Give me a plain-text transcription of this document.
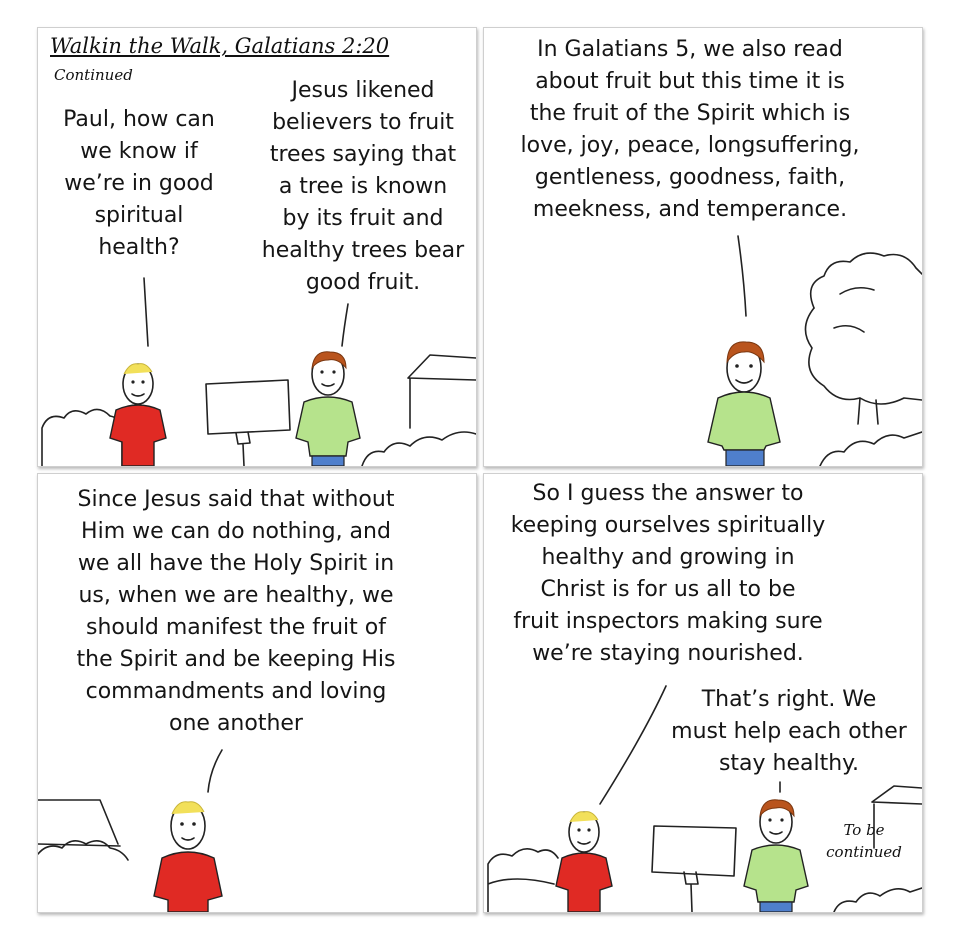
Walkin the Walk, Galatians 2:20
Continued
Paul, how can
we know if
we’re in good
spiritual
health?
Jesus likened
believers to fruit
trees saying that
a tree is known
by its fruit and
healthy trees bear
good fruit.
In Galatians 5, we also read
about fruit but this time it is
the fruit of the Spirit which is
love, joy, peace, longsuffering,
gentleness, goodness, faith,
meekness, and temperance.
Since Jesus said that without
Him we can do nothing, and
we all have the Holy Spirit in
us, when we are healthy, we
should manifest the fruit of
the Spirit and be keeping His
commandments and loving
one another
So I guess the answer to
keeping ourselves spiritually
healthy and growing in
Christ is for us all to be
fruit inspectors making sure
we’re staying nourished.
That’s right. We
must help each other
stay healthy.
To be
continued
